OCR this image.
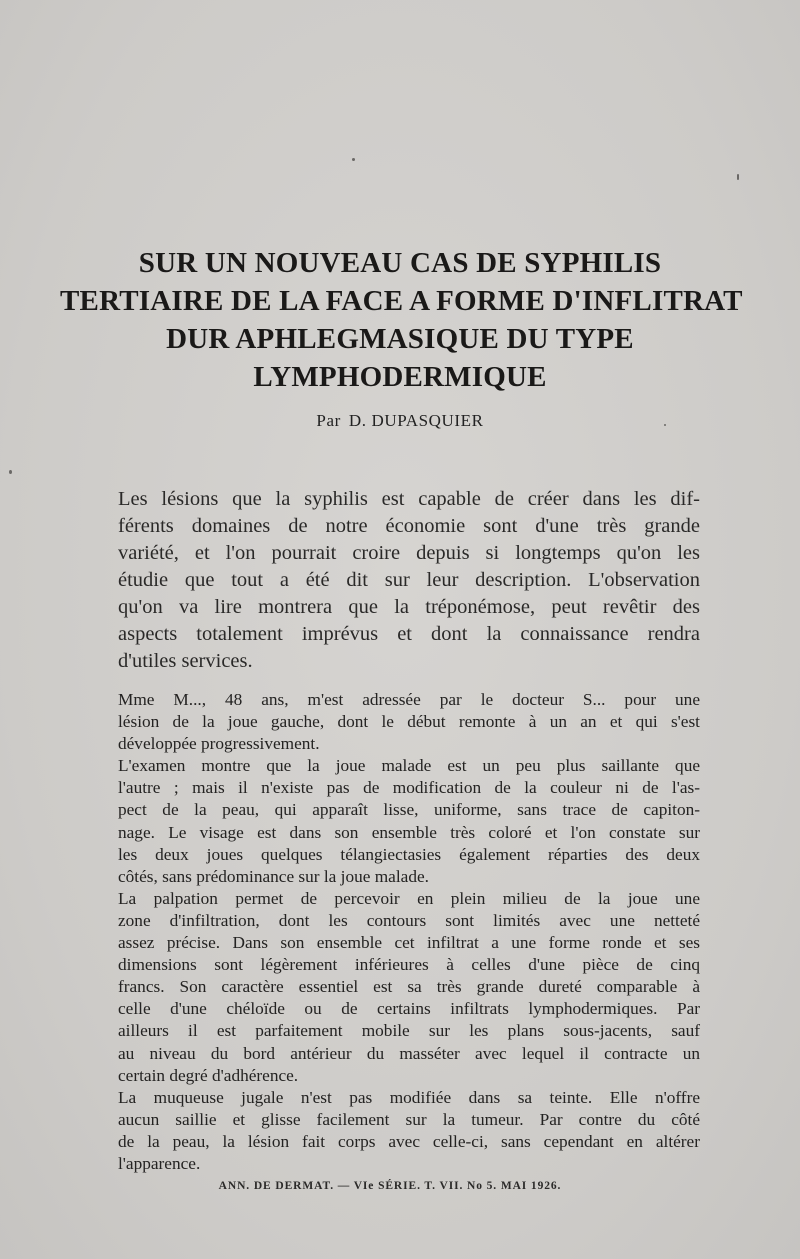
SUR UN NOUVEAU CAS DE SYPHILIS
TERTIAIRE DE LA FACE A FORME D'INFLITRAT
DUR APHLEGMASIQUE DU TYPE
LYMPHODERMIQUE
Par D. DUPASQUIER
Les lésions que la syphilis est capable de créer dans les dif-
férents domaines de notre économie sont d'une très grande
variété, et l'on pourrait croire depuis si longtemps qu'on les
étudie que tout a été dit sur leur description. L'observation
qu'on va lire montrera que la tréponémose, peut revêtir des
aspects totalement imprévus et dont la connaissance rendra
d'utiles services.
Mme M..., 48 ans, m'est adressée par le docteur S... pour une
lésion de la joue gauche, dont le début remonte à un an et qui s'est
développée progressivement.
L'examen montre que la joue malade est un peu plus saillante que
l'autre ; mais il n'existe pas de modification de la couleur ni de l'as-
pect de la peau, qui apparaît lisse, uniforme, sans trace de capiton-
nage. Le visage est dans son ensemble très coloré et l'on constate sur
les deux joues quelques télangiectasies également réparties des deux
côtés, sans prédominance sur la joue malade.
La palpation permet de percevoir en plein milieu de la joue une
zone d'infiltration, dont les contours sont limités avec une netteté
assez précise. Dans son ensemble cet infiltrat a une forme ronde et ses
dimensions sont légèrement inférieures à celles d'une pièce de cinq
francs. Son caractère essentiel est sa très grande dureté comparable à
celle d'une chéloïde ou de certains infiltrats lymphodermiques. Par
ailleurs il est parfaitement mobile sur les plans sous-jacents, sauf
au niveau du bord antérieur du masséter avec lequel il contracte un
certain degré d'adhérence.
La muqueuse jugale n'est pas modifiée dans sa teinte. Elle n'offre
aucun saillie et glisse facilement sur la tumeur. Par contre du côté
de la peau, la lésion fait corps avec celle-ci, sans cependant en altérer
l'apparence.
ANN. DE DERMAT. — VIe SÉRIE. T. VII. No 5. MAI 1926.
